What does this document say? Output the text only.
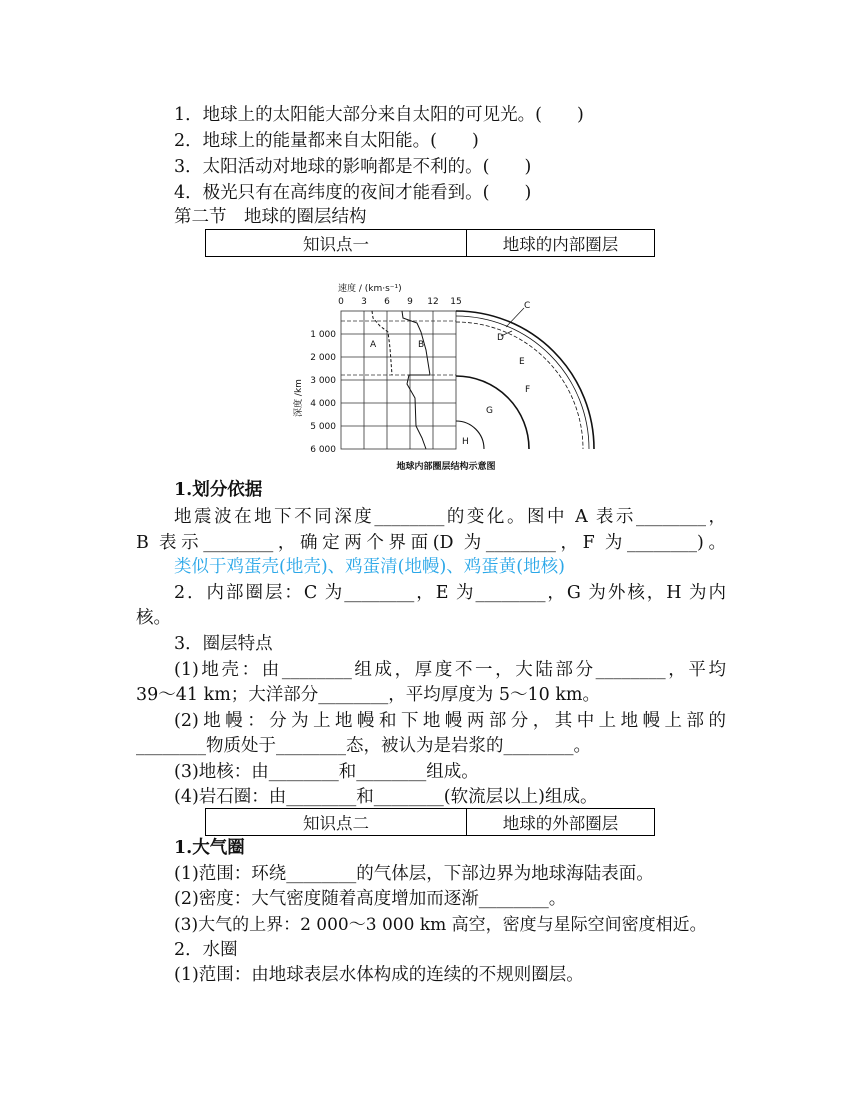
1．地球上的太阳能大部分来自太阳的可见光。(　　)
2．地球上的能量都来自太阳能。(　　)
3．太阳活动对地球的影响都是不利的。(　　)
4．极光只有在高纬度的夜间才能看到。(　　)
第二节　地球的圈层结构
知识点一	地球的内部圈层
速度 / (km·s⁻¹)
0 3 6 9 12 15
1 000
2 000
3 000
4 000
5 000
6 000
深度 /km
A	B
C
D
E
F
G
H
地球内部圈层结构示意图
1.划分依据
地震波在地下不同深度________的变化。图中 A 表示________，
B 表示________，确定两个界面(D 为________，F 为________)。
类似于鸡蛋壳(地壳)、鸡蛋清(地幔)、鸡蛋黄(地核)
2．内部圈层：C 为________，E 为________，G 为外核，H 为内
核。
3．圈层特点
(1)地壳：由________组成，厚度不一，大陆部分________，平均
39～41 km；大洋部分________，平均厚度为 5～10 km。
(2)地幔：分为上地幔和下地幔两部分，其中上地幔上部的
________物质处于________态，被认为是岩浆的________。
(3)地核：由________和________组成。
(4)岩石圈：由________和________(软流层以上)组成。
知识点二	地球的外部圈层
1.大气圈
(1)范围：环绕________的气体层，下部边界为地球海陆表面。
(2)密度：大气密度随着高度增加而逐渐________。
(3)大气的上界：2 000～3 000 km 高空，密度与星际空间密度相近。
2．水圈
(1)范围：由地球表层水体构成的连续的不规则圈层。
